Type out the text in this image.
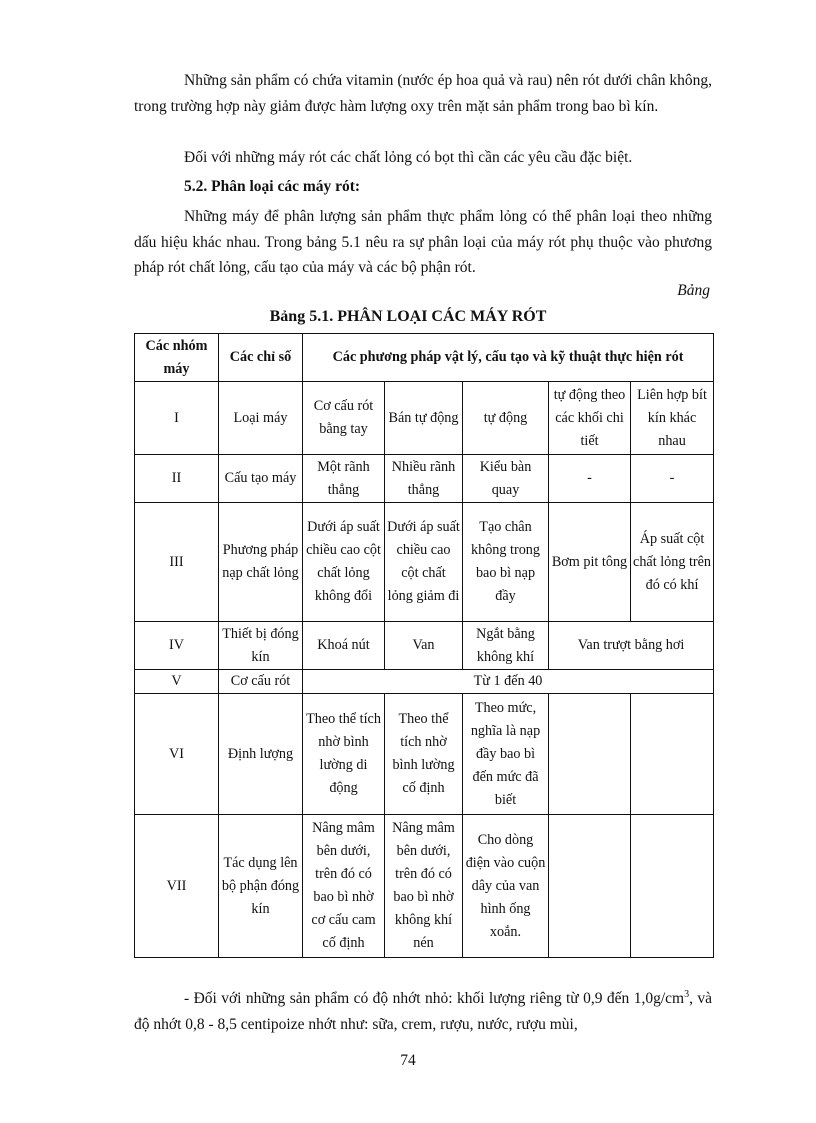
Những sản phẩm có chứa vitamin (nước ép hoa quả và rau) nên rót dưới chân không, trong trường hợp này giảm được hàm lượng oxy trên mặt sản phẩm trong bao bì kín.

Đối với những máy rót các chất lỏng có bọt thì cần các yêu cầu đặc biệt.

5.2. Phân loại các máy rót:

Những máy để phân lượng sản phẩm thực phẩm lỏng có thể phân loại theo những dấu hiệu khác nhau. Trong bảng 5.1 nêu ra sự phân loại của máy rót phụ thuộc vào phương pháp rót chất lỏng, cấu tạo của máy và các bộ phận rót.

Bảng
Bảng 5.1. PHÂN LOẠI CÁC MÁY RÓT
Các nhóm máy	Các chỉ số	Các phương pháp vật lý, cấu tạo và kỹ thuật thực hiện rót				
I	Loại máy	Cơ cấu rót bằng tay	Bán tự động	tự động	tự động theo các khối chi tiết	Liên hợp bít kín khác nhau
II	Cấu tạo máy	Một rãnh thẳng	Nhiều rãnh thẳng	Kiểu bàn quay	-	-
III	Phương pháp nạp chất lỏng	Dưới áp suất chiều cao cột chất lỏng không đổi	Dưới áp suất chiều cao cột chất lỏng giảm đi	Tạo chân không trong bao bì nạp đầy	Bơm pit tông	Áp suất cột chất lỏng trên đó có khí
IV	Thiết bị đóng kín	Khoá nút	Van	Ngắt bằng không khí	Van trượt bằng hơi	
V	Cơ cấu rót	Từ 1 đến 40				
VI	Định lượng	Theo thể tích nhờ bình lường di động	Theo thể tích nhờ bình lường cố định	Theo mức, nghĩa là nạp đầy bao bì đến mức đã biết		
VII	Tác dụng lên bộ phận đóng kín	Nâng mâm bên dưới, trên đó có bao bì nhờ cơ cấu cam cố định	Nâng mâm bên dưới, trên đó có bao bì nhờ không khí nén	Cho dòng điện vào cuộn dây của van hình ống xoắn.		

- Đối với những sản phẩm có độ nhớt nhỏ: khối lượng riêng từ 0,9 đến $1,0g/cm^3$, và độ nhớt 0,8 - 8,5 centipoize nhớt như: sữa, crem, rượu, nước, rượu mùi,

74
